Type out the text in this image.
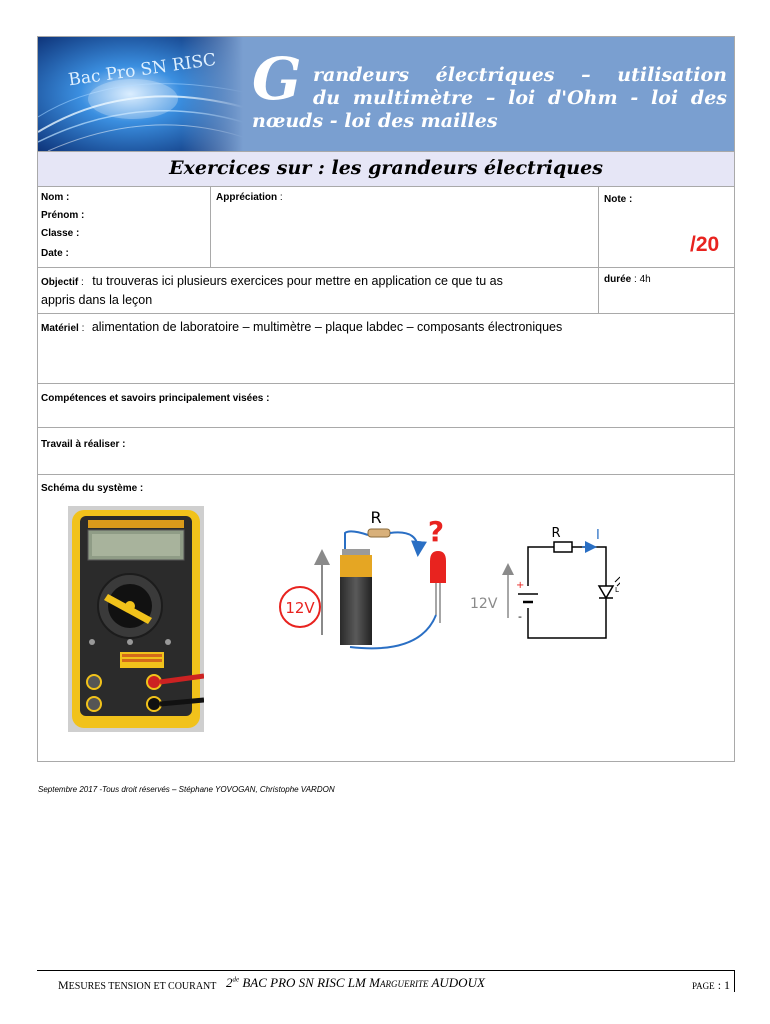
Bac Pro SN RISC G randeurs électriques – utilisation
du multimètre – loi d'Ohm - loi des
nœuds - loi des mailles
Exercices sur : les grandeurs électriques
Nom :
Prénom :
Classe :
Date :
Appréciation :	Note :
/20
Objectif : tu trouveras ici plusieurs exercices pour mettre en application ce que tu as
appris dans la leçon
durée : 4h
Matériel : alimentation de laboratoire – multimètre – plaque labdec – composants électroniques
Compétences et savoirs principalement visées :
Travail à réaliser :
Schéma du système :
R ?
12V	12V
R	I
+
-
L
Septembre 2017 -Tous droit réservés – Stéphane YOVOGAN, Christophe VARDON
MESURES TENSION ET COURANT 2de BAC PRO SN RISC LM MARGUERITE AUDOUX	PAGE : 1
